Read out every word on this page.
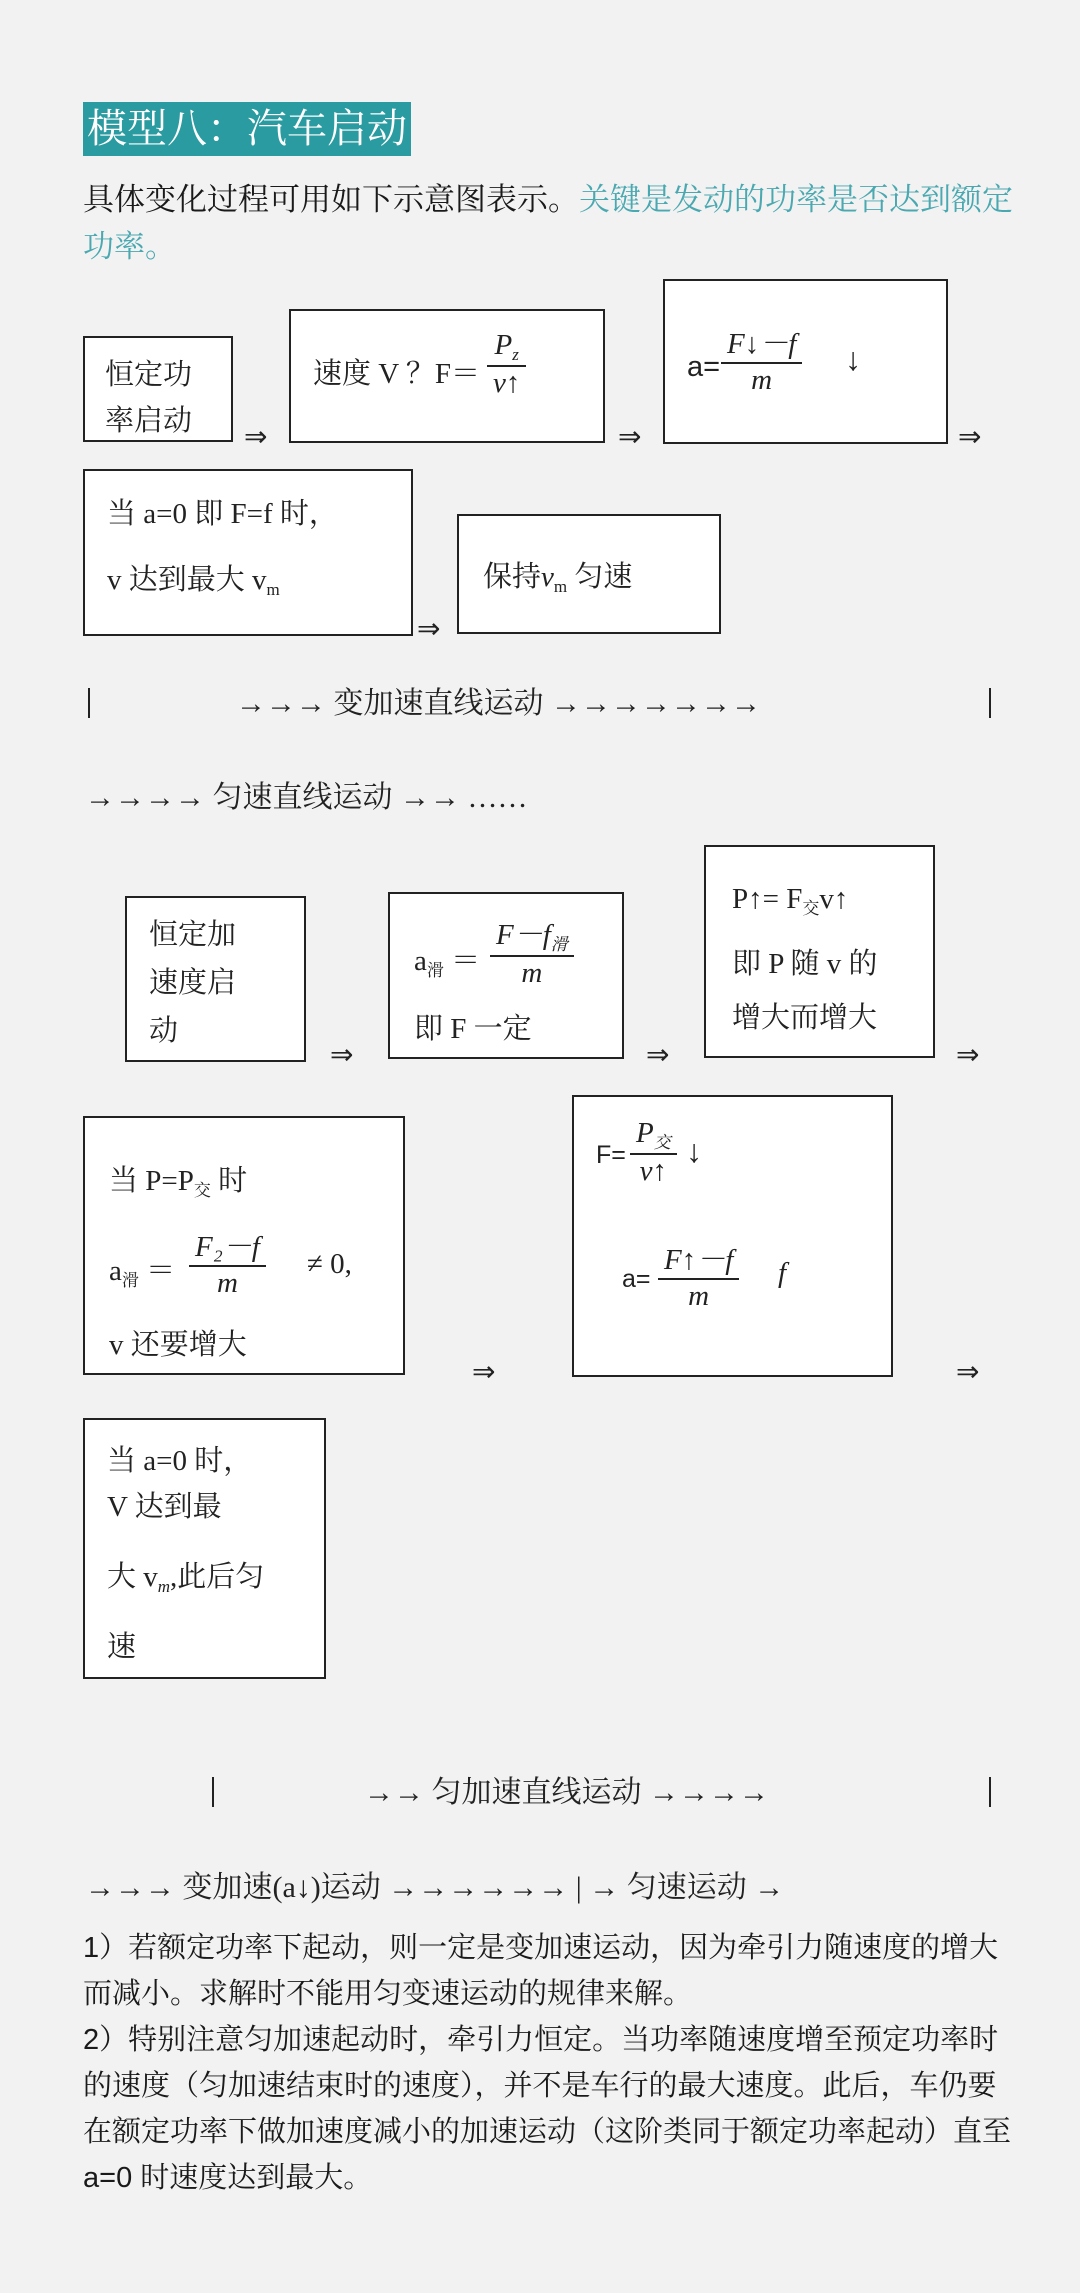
模型八：汽车启动
具体变化过程可用如下示意图表示。关键是发动的功率是否达到额定功率。
恒定功
率启动 ⇒
速度 V ？$F= \frac{P_z}{v↑}$
⇒
$a= \frac{F↓-f}{m}$ ↓
⇒
当 a=0 即 F=f 时，
v 达到最大 $v_m$
⇒
保持$v_m$ 匀速
→→→ 变加速直线运动 →→→→→→→
→→→→ 匀速直线运动 →→ ……
恒定加
速度启
动
⇒
$a_滑$ ＝
$F-f_滑$
m
即 F 一定
⇒
P↑= $F_交v↑$
即 P 随 v 的
增大而增大
⇒
当 $P=P_交$ 时
$a_滑 = \frac{\text{F₂－f}}{m} \ne 0$,
v 还要增大
⇒
F=
$P_交$
v↑
↓
$a= \frac{F↑-f}{m}$ f
⇒
当 a=0 时，
V 达到最
大 $v_m$,此后匀
速
→→ 匀加速直线运动 →→→→
→→→ 变加速(a↓)运动 →→→→→→ | → 匀速运动 →

1）若额定功率下起动，则一定是变加速运动，因为牵引力随速度的增大而减小。求解时不能用匀变速运动的规律来解。

2）特别注意匀加速起动时，牵引力恒定。当功率随速度增至预定功率时的速度（匀加速结束时的速度），并不是车行的最大速度。此后，车仍要在额定功率下做加速度减小的加速运动（这阶类同于额定功率起动）直至 a=0 时速度达到最大。
